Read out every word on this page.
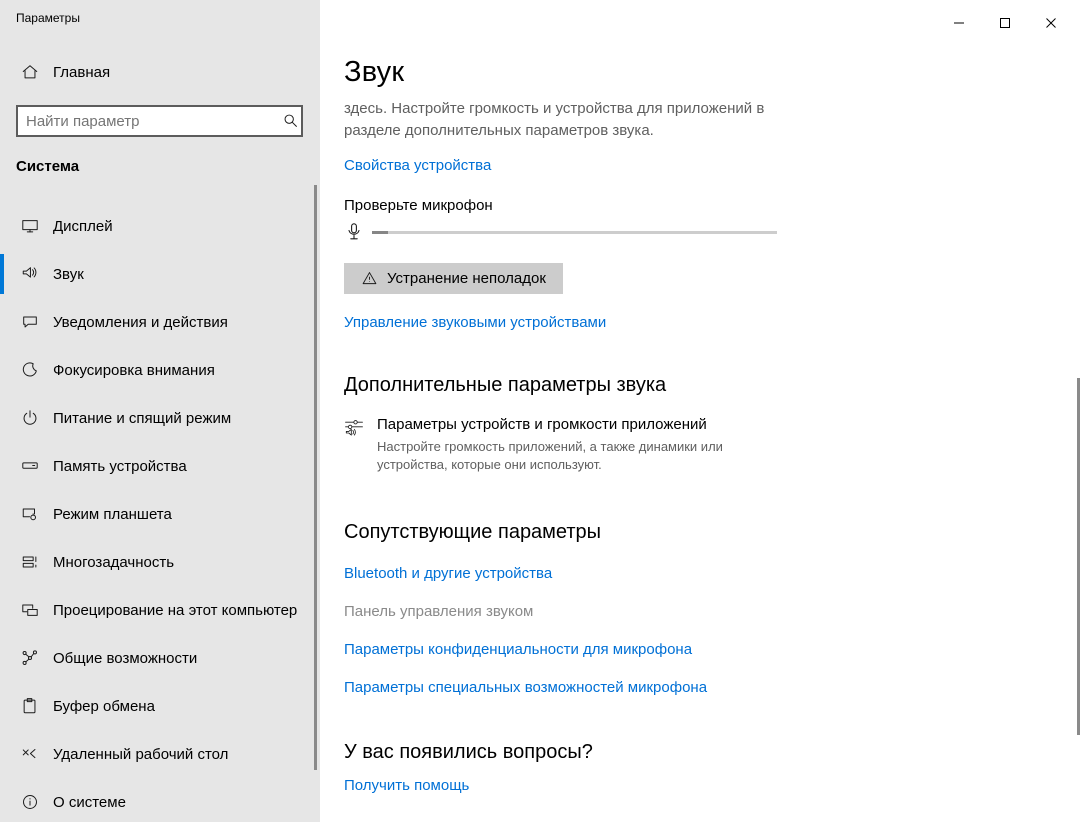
Параметры
Главная
Найти параметр
Система
Дисплей
Звук
Уведомления и действия
Фокусировка внимания
Питание и спящий режим
Память устройства
Режим планшета
Многозадачность
Проецирование на этот компьютер
Общие возможности
Буфер обмена
Удаленный рабочий стол
О системе
Звук

здесь. Настройте громкость и устройства для приложений в разделе дополнительных параметров звука.

Свойства устройства
Проверьте микрофон
Устранение неполадок
Управление звуковыми устройствами
Дополнительные параметры звука
Параметры устройств и громкости приложений
Настройте громкость приложений, а также динамики или устройства, которые они используют.
Сопутствующие параметры
Bluetooth и другие устройства
Панель управления звуком
Параметры конфиденциальности для микрофона
Параметры специальных возможностей микрофона
У вас появились вопросы?
Получить помощь
